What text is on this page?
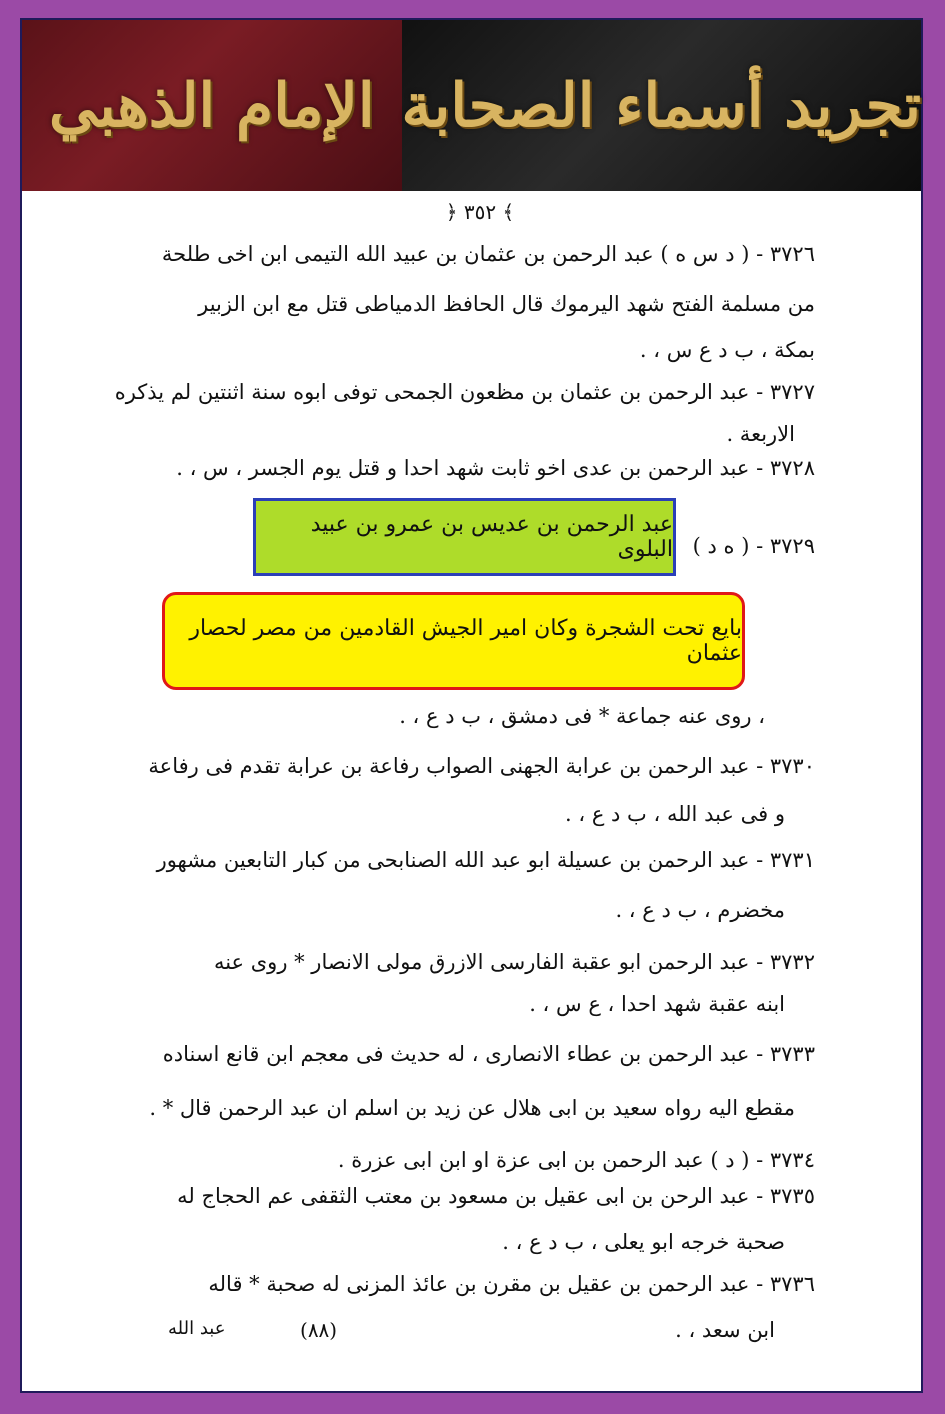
الإمام الذهبي تجريد أسماء الصحابة
﴿ ٣٥٢ ﴾
٣٧٢٦ - ( د س ه ) عبد الرحمن بن عثمان بن عبيد الله التيمى ابن اخى طلحة
من مسلمة الفتح شهد اليرموك قال الحافظ الدمياطى قتل مع ابن الزبير
بمكة ، ب د ع س ، .
٣٧٢٧ - عبد الرحمن بن عثمان بن مظعون الجمحى توفى ابوه سنة اثنتين لم يذكره
الاربعة .
٣٧٢٨ - عبد الرحمن بن عدى اخو ثابت شهد احدا و قتل يوم الجسر ، س ، .
٣٧٢٩ - ( ه د )
عبد الرحمن بن عديس بن عمرو بن عبيد البلوى
بايع تحت الشجرة وكان امير الجيش القادمين من مصر لحصار عثمان
، روى عنه جماعة * فى دمشق ، ب د ع ، .
٣٧٣٠ - عبد الرحمن بن عرابة الجهنى الصواب رفاعة بن عرابة تقدم فى رفاعة
و فى عبد الله ، ب د ع ، .
٣٧٣١ - عبد الرحمن بن عسيلة ابو عبد الله الصنابحى من كبار التابعين مشهور
مخضرم ، ب د ع ، .
٣٧٣٢ - عبد الرحمن ابو عقبة الفارسى الازرق مولى الانصار * روى عنه
ابنه عقبة شهد احدا ، ع س ، .
٣٧٣٣ - عبد الرحمن بن عطاء الانصارى ، له حديث فى معجم ابن قانع اسناده
مقطع اليه رواه سعيد بن ابى هلال عن زيد بن اسلم ان عبد الرحمن قال * .
٣٧٣٤ - ( د ) عبد الرحمن بن ابى عزة او ابن ابى عزرة .
٣٧٣٥ - عبد الرحن بن ابى عقيل بن مسعود بن معتب الثقفى عم الحجاج له
صحبة خرجه ابو يعلى ، ب د ع ، .
٣٧٣٦ - عبد الرحمن بن عقيل بن مقرن بن عائذ المزنى له صحبة * قاله
ابن سعد ، .
عبد الله	(٨٨)
